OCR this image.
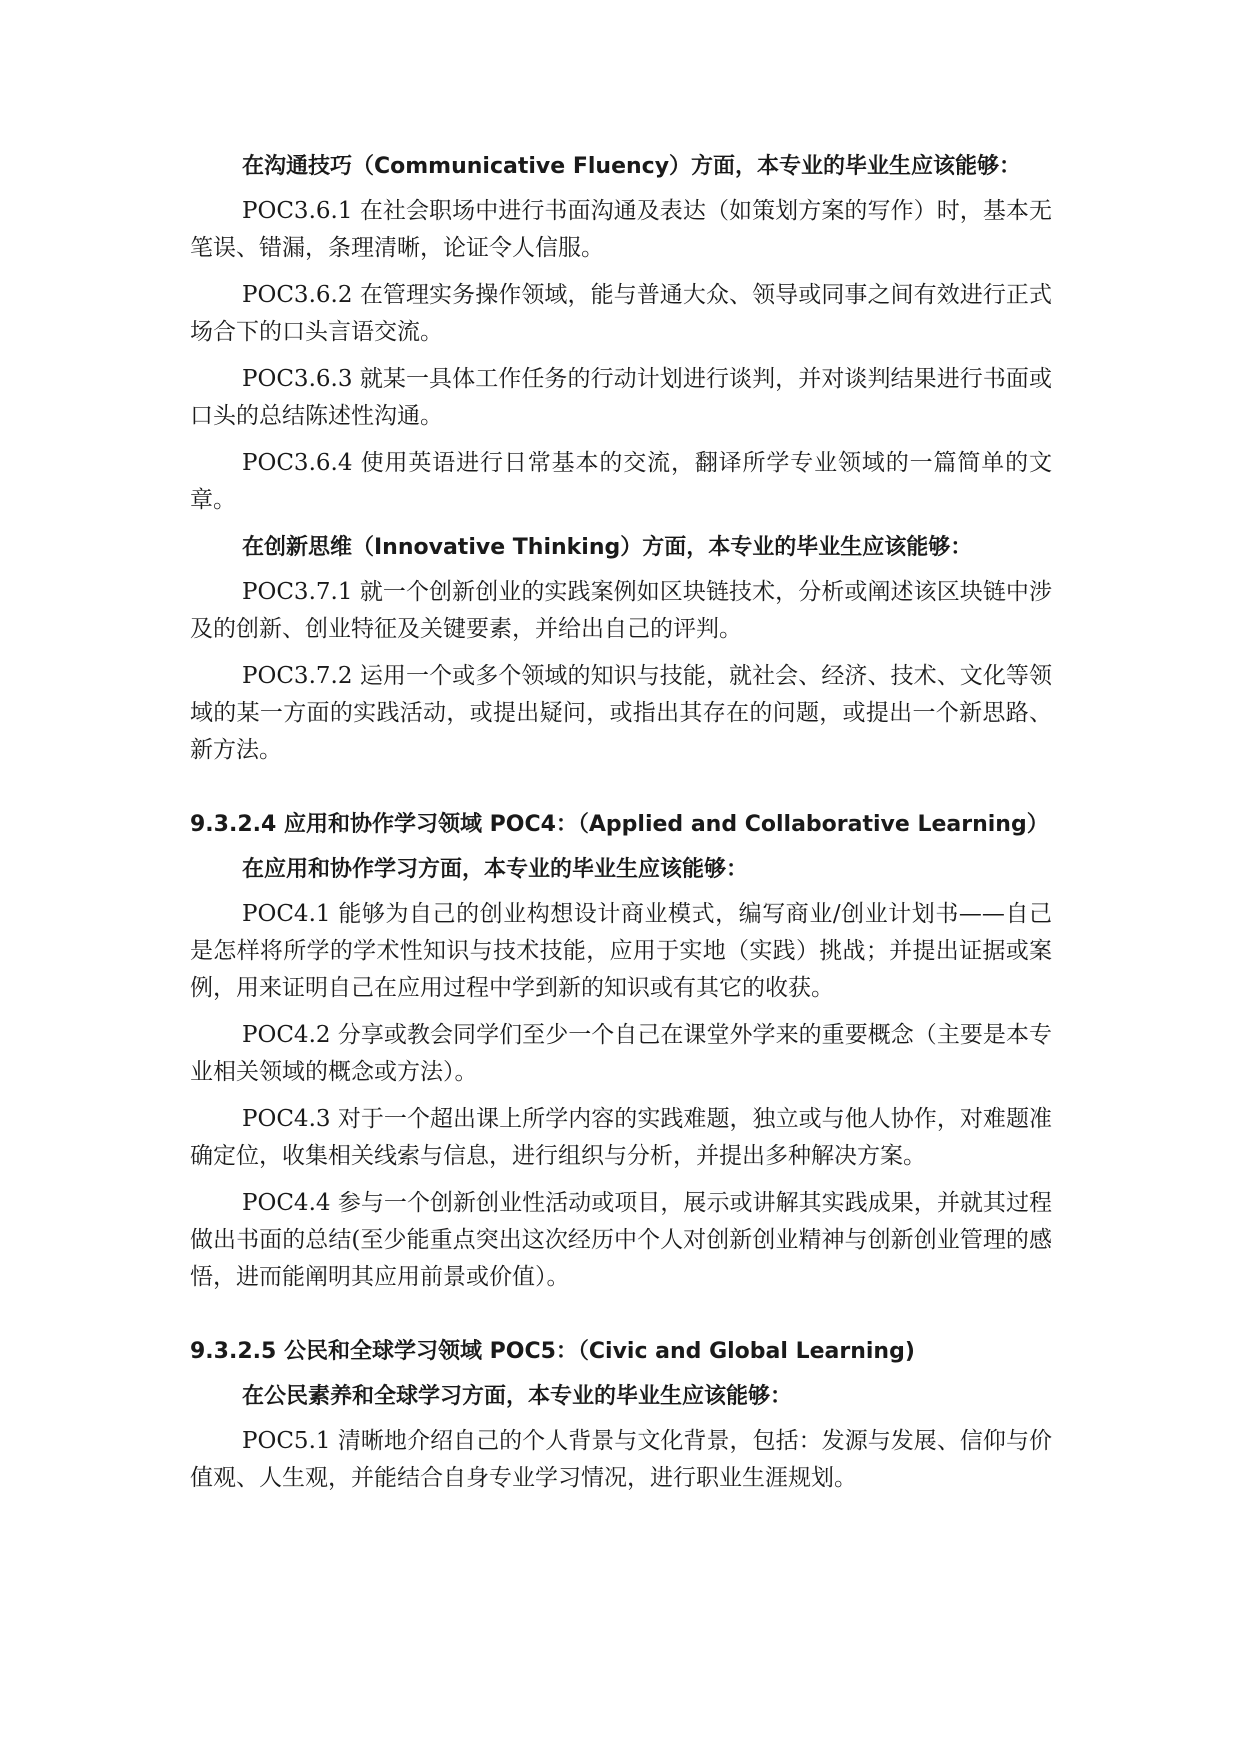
在沟通技巧（Communicative Fluency）方面，本专业的毕业生应该能够：
POC3.6.1 在社会职场中进行书面沟通及表达（如策划方案的写作）时，基本无笔误、错漏，条理清晰，论证令人信服。
POC3.6.2 在管理实务操作领域，能与普通大众、领导或同事之间有效进行正式场合下的口头言语交流。
POC3.6.3 就某一具体工作任务的行动计划进行谈判，并对谈判结果进行书面或口头的总结陈述性沟通。
POC3.6.4 使用英语进行日常基本的交流，翻译所学专业领域的一篇简单的文章。
在创新思维（Innovative Thinking）方面，本专业的毕业生应该能够：
POC3.7.1 就一个创新创业的实践案例如区块链技术，分析或阐述该区块链中涉及的创新、创业特征及关键要素，并给出自己的评判。
POC3.7.2 运用一个或多个领域的知识与技能，就社会、经济、技术、文化等领域的某一方面的实践活动，或提出疑问，或指出其存在的问题，或提出一个新思路、新方法。
9.3.2.4 应用和协作学习领域 POC4：（Applied and Collaborative Learning）
在应用和协作学习方面，本专业的毕业生应该能够：
POC4.1 能够为自己的创业构想设计商业模式，编写商业/创业计划书——自己是怎样将所学的学术性知识与技术技能，应用于实地（实践）挑战；并提出证据或案例，用来证明自己在应用过程中学到新的知识或有其它的收获。
POC4.2 分享或教会同学们至少一个自己在课堂外学来的重要概念（主要是本专业相关领域的概念或方法）。
POC4.3 对于一个超出课上所学内容的实践难题，独立或与他人协作，对难题准确定位，收集相关线索与信息，进行组织与分析，并提出多种解决方案。
POC4.4 参与一个创新创业性活动或项目，展示或讲解其实践成果，并就其过程做出书面的总结(至少能重点突出这次经历中个人对创新创业精神与创新创业管理的感悟，进而能阐明其应用前景或价值）。
9.3.2.5 公民和全球学习领域 POC5：（Civic and Global Learning)
在公民素养和全球学习方面，本专业的毕业生应该能够：
POC5.1 清晰地介绍自己的个人背景与文化背景，包括：发源与发展、信仰与价值观、人生观，并能结合自身专业学习情况，进行职业生涯规划。
